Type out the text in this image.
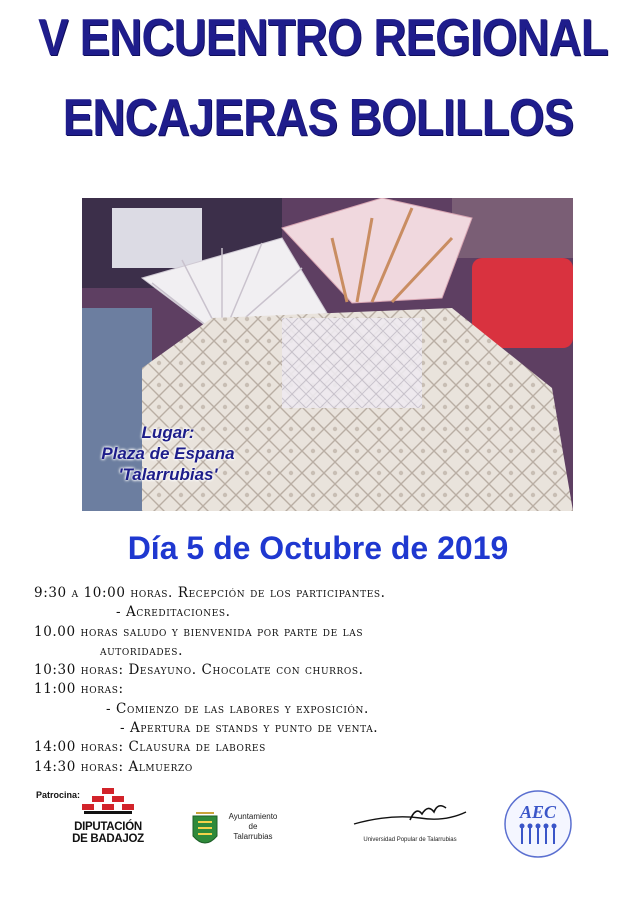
V ENCUENTRO REGIONAL
ENCAJERAS BOLILLOS
Lugar:
Plaza de Espana
'Talarrubias'
Día 5 de Octubre de 2019
9:30 a 10:00 horas. Recepción de los participantes.
- Acreditaciones.
10.00 horas saludo y bienvenida por parte de las
autoridades.
10:30 horas: Desayuno. Chocolate con churros.
11:00 horas:
- Comienzo de las labores y exposición.
- Apertura de stands y punto de venta.
14:00 horas: Clausura de labores
14:30 horas: Almuerzo
Patrocina:
DIPUTACIÓN
DE BADAJOZ
Ayuntamiento
de
Talarrubias	Universidad Popular de Talarrubias
AEC
